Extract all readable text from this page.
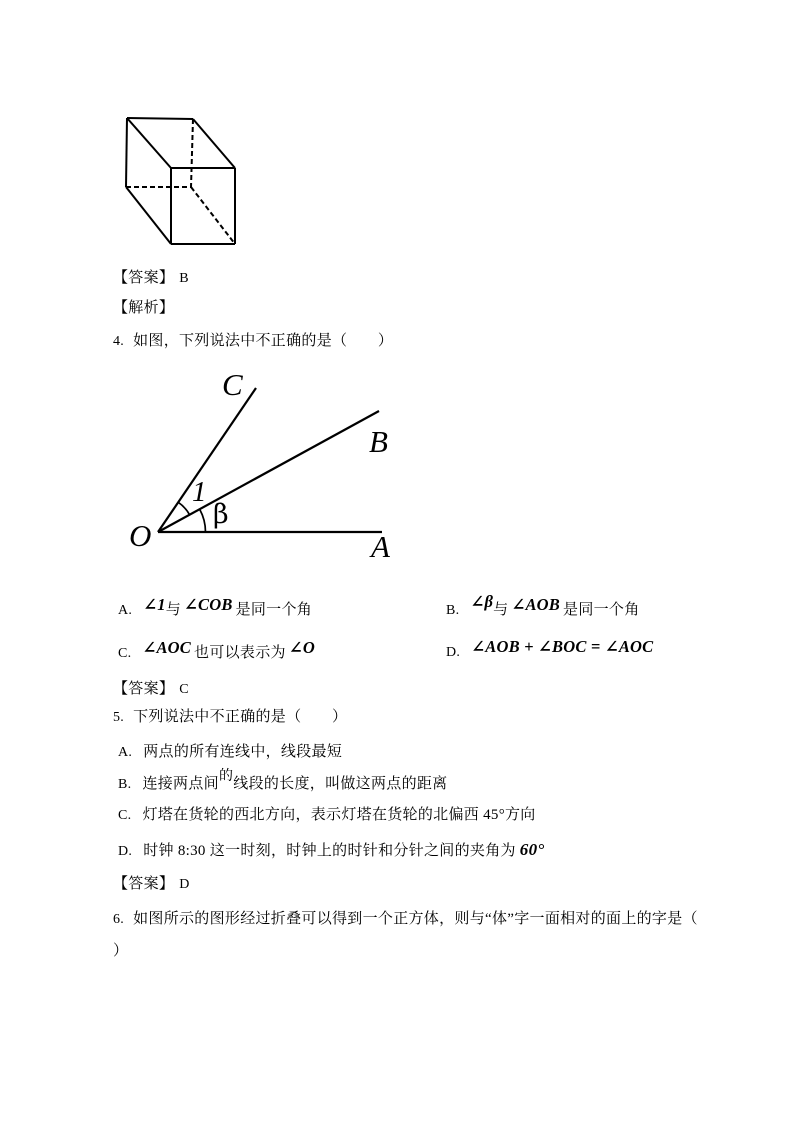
【答案】 B
【解析】
4. 如图，下列说法中不正确的是（　　）
O
C
B
A
1
β
A. ∠1与 ∠COB 是同一个角	B. ∠β与 ∠AOB 是同一个角
C. ∠AOC 也可以表示为 ∠O	D. ∠AOB + ∠BOC = ∠AOC
【答案】 C
5. 下列说法中不正确的是（　　）
A. 两点的所有连线中，线段最短
B. 连接两点间的线段的长度，叫做这两点的距离
C. 灯塔在货轮的西北方向，表示灯塔在货轮的北偏西 45°方向
D. 时钟 8:30 这一时刻，时钟上的时针和分针之间的夹角为 60°
【答案】 D
6. 如图所示的图形经过折叠可以得到一个正方体，则与“体”字一面相对的面上的字是（
）
